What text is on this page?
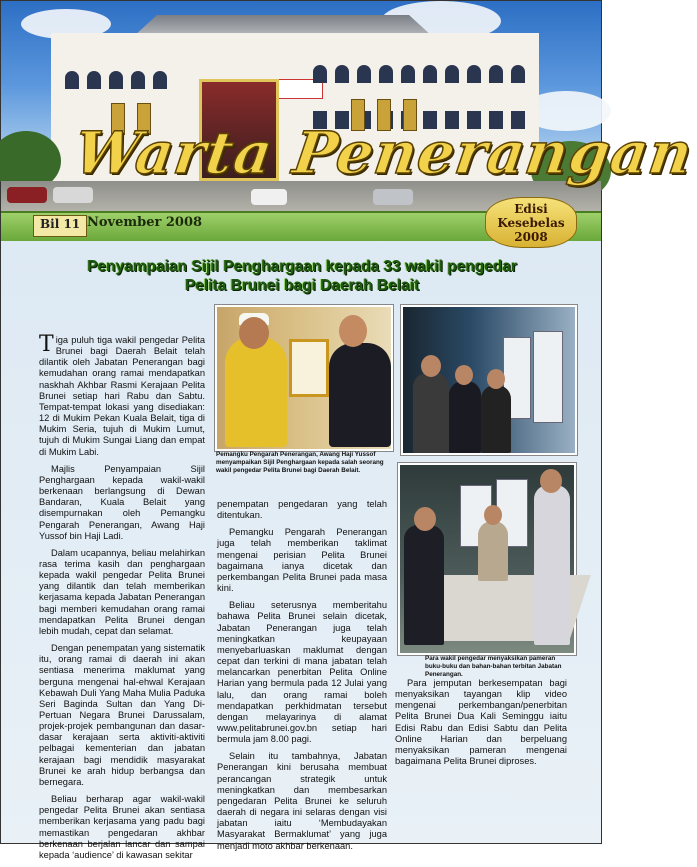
Warta Penerangan
Bil 11 November 2008
Edisi Kesebelas
2008
Penyampaian Sijil Penghargaan kepada 33 wakil pengedar
Pelita Brunei bagi Daerah Belait

Tiga puluh tiga wakil pengedar Pelita Brunei bagi Daerah Belait telah dilantik oleh Jabatan Penerangan bagi kemudahan orang ramai mendapatkan naskhah Akhbar Rasmi Kerajaan Pelita Brunei setiap hari Rabu dan Sabtu. Tempat-tempat lokasi yang disediakan: 12 di Mukim Pekan Kuala Belait, tiga di Mukim Seria, tujuh di Mukim Lumut, tujuh di Mukim Sungai Liang dan empat di Mukim Labi.

Majlis Penyampaian Sijil Penghargaan kepada wakil-wakil berkenaan berlangsung di Dewan Bandaran, Kuala Belait yang disempurnakan oleh Pemangku Pengarah Penerangan, Awang Haji Yussof bin Haji Ladi.

Dalam ucapannya, beliau melahirkan rasa terima kasih dan penghargaan kepada wakil pengedar Pelita Brunei yang dilantik dan telah memberikan kerjasama kepada Jabatan Penerangan bagi memberi kemudahan orang ramai mendapatkan Pelita Brunei dengan lebih mudah, cepat dan selamat.

Dengan penempatan yang sistematik itu, orang ramai di daerah ini akan sentiasa menerima maklumat yang berguna mengenai hal-ehwal Kerajaan Kebawah Duli Yang Maha Mulia Paduka Seri Baginda Sultan dan Yang Di-Pertuan Negara Brunei Darussalam, projek-projek pembangunan dan dasar-dasar kerajaan serta aktiviti-aktiviti pelbagai kementerian dan jabatan kerajaan bagi mendidik masyarakat Brunei ke arah hidup berbangsa dan bernegara.

Beliau berharap agar wakil-wakil pengedar Pelita Brunei akan sentiasa memberikan kerjasama yang padu bagi memastikan pengedaran akhbar berkenaan berjalan lancar dan sampai kepada ‘audience’ di kawasan sekitar

Pemangku Pengarah Penerangan, Awang Haji Yussof menyampaikan Sijil Penghargaan kepada salah seorang wakil pengedar Pelita Brunei bagi Daerah Belait.

penempatan pengedaran yang telah ditentukan.

Pemangku Pengarah Penerangan juga telah memberikan taklimat mengenai perisian Pelita Brunei bagaimana ianya dicetak dan perkembangan Pelita Brunei pada masa kini.

Beliau seterusnya memberitahu bahawa Pelita Brunei selain dicetak, Jabatan Penerangan juga telah meningkatkan keupayaan menyebarluaskan maklumat dengan cepat dan terkini di mana jabatan telah melancarkan penerbitan Pelita Online Harian yang bermula pada 12 Julai yang lalu, dan orang ramai boleh mendapatkan perkhidmatan tersebut dengan melayarinya di alamat www.pelitabrunei.gov.bn setiap hari bermula jam 8.00 pagi.

Selain itu tambahnya, Jabatan Penerangan kini berusaha membuat perancangan strategik untuk meningkatkan dan membesarkan pengedaran Pelita Brunei ke seluruh daerah di negara ini selaras dengan visi jabatan iaitu ‘Membudayakan Masyarakat Bermaklumat’ yang juga menjadi moto akhbar berkenaan.

Para wakil pengedar menyaksikan pameran buku-buku dan bahan-bahan terbitan Jabatan Penerangan.

Para jemputan berkesempatan bagi menyaksikan tayangan klip video mengenai perkembangan/penerbitan Pelita Brunei Dua Kali Seminggu iaitu Edisi Rabu dan Edisi Sabtu dan Pelita Online Harian dan berpeluang menyaksikan pameran mengenai bagaimana Pelita Brunei diproses.
